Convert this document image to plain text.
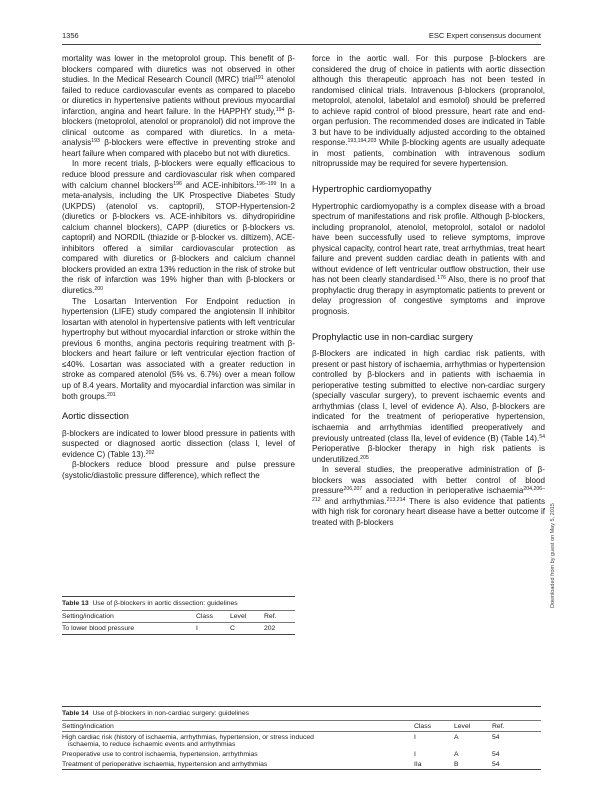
1356	ESC Expert consensus document

mortality was lower in the metoprolol group. This benefit of β-blockers compared with diuretics was not observed in other studies. In the Medical Research Council (MRC) trial$^{191}$ atenolol failed to reduce cardiovascular events as compared to placebo or diuretics in hypertensive patients without previous myocardial infarction, angina and heart failure. In the HAPPHY study,$^{194}$ β-blockers (metoprolol, atenolol or propranolol) did not improve the clinical outcome as compared with diuretics. In a meta-analysis$^{193}$ β-blockers were effective in preventing stroke and heart failure when compared with placebo but not with diuretics.

In more recent trials, β-blockers were equally efficacious to reduce blood pressure and cardiovascular risk when compared with calcium channel blockers$^{196}$ and ACE-inhibitors.$^{196-199}$ In a meta-analysis, including the UK Prospective Diabetes Study (UKPDS) (atenolol vs. captopril), STOP-Hypertension-2 (diuretics or β-blockers vs. ACE-inhibitors vs. dihydropiridine calcium channel blockers), CAPP (diuretics or β-blockers vs. captopril) and NORDIL (thiazide or β-blocker vs. diltizem), ACE-inhibitors offered a similar cardiovascular protection as compared with diuretics or β-blockers and calcium channel blockers provided an extra 13% reduction in the risk of stroke but the risk of infarction was 19% higher than with β-blockers or diuretics.$^{200}$

The Losartan Intervention For Endpoint reduction in hypertension (LIFE) study compared the angiotensin II inhibitor losartan with atenolol in hypertensive patients with left ventricular hypertrophy but without myocardial infarction or stroke within the previous 6 months, angina pectoris requiring treatment with β-blockers and heart failure or left ventricular ejection fraction of ≤40%. Losartan was associated with a greater reduction in stroke as compared atenolol (5% vs. 6.7%) over a mean follow up of 8.4 years. Mortality and myocardial infarction was similar in both groups.$^{201}$

Aortic dissection

β-blockers are indicated to lower blood pressure in patients with suspected or diagnosed aortic dissection (class I, level of evidence C) (Table 13).$^{202}$

β-blockers reduce blood pressure and pulse pressure (systolic/diastolic pressure difference), which reflect the

force in the aortic wall. For this purpose β-blockers are considered the drug of choice in patients with aortic dissection although this therapeutic approach has not been tested in randomised clinical trials. Intravenous β-blockers (propranolol, metoprolol, atenolol, labetalol and esmolol) should be preferred to achieve rapid control of blood pressure, heart rate and end-organ perfusion. The recommended doses are indicated in Table 3 but have to be individually adjusted according to the obtained response.$^{193,194,203}$ While β-blocking agents are usually adequate in most patients, combination with intravenous sodium nitroprusside may be required for severe hypertension.

Hypertrophic cardiomyopathy

Hypertrophic cardiomyopathy is a complex disease with a broad spectrum of manifestations and risk profile. Although β-blockers, including propranolol, atenolol, metoprolol, sotalol or nadolol have been successfully used to relieve symptoms, improve physical capacity, control heart rate, treat arrhythmias, treat heart failure and prevent sudden cardiac death in patients with and without evidence of left ventricular outflow obstruction, their use has not been clearly standardised.$^{176}$ Also, there is no proof that prophylactic drug therapy in asymptomatic patients to prevent or delay progression of congestive symptoms and improve prognosis.

Prophylactic use in non-cardiac surgery

β-Blockers are indicated in high cardiac risk patients, with present or past history of ischaemia, arrhythmias or hypertension controlled by β-blockers and in patients with ischaemia in perioperative testing submitted to elective non-cardiac surgery (specially vascular surgery), to prevent ischaemic events and arrhythmias (class I, level of evidence A). Also, β-blockers are indicated for the treatment of perioperative hypertension, ischaemia and arrhythmias identified preoperatively and previously untreated (class IIa, level of evidence (B) (Table 14).$^{54}$ Perioperative β-blocker therapy in high risk patients is underutilized.$^{205}$

In several studies, the preoperative administration of β-blockers was associated with better control of blood pressure$^{206,207}$ and a reduction in perioperative ischaemia$^{204,206-212}$ and arrhythmias.$^{213,214}$ There is also evidence that patients with high risk for coronary heart disease have a better outcome if treated with β-blockers

Table 13 Use of β-blockers in aortic dissection: guidelines
Setting/indication	Class	Level	Ref.
To lower blood pressure	I	C	202
Table 14 Use of β-blockers in non-cardiac surgery: guidelines
Setting/indication	Class	Level	Ref.
High cardiac risk (history of ischaemia, arrhythmias, hypertension, or stress induced
ischaemia, to reduce ischaemic events and arrhythmias
I	A	54
Preoperative use to control ischaemia, hypertension, arrhythmias	I	A	54
Treatment of perioperative ischaemia, hypertension and arrhythmias	IIa	B	54
Downloaded from by guest on May 5, 2015
